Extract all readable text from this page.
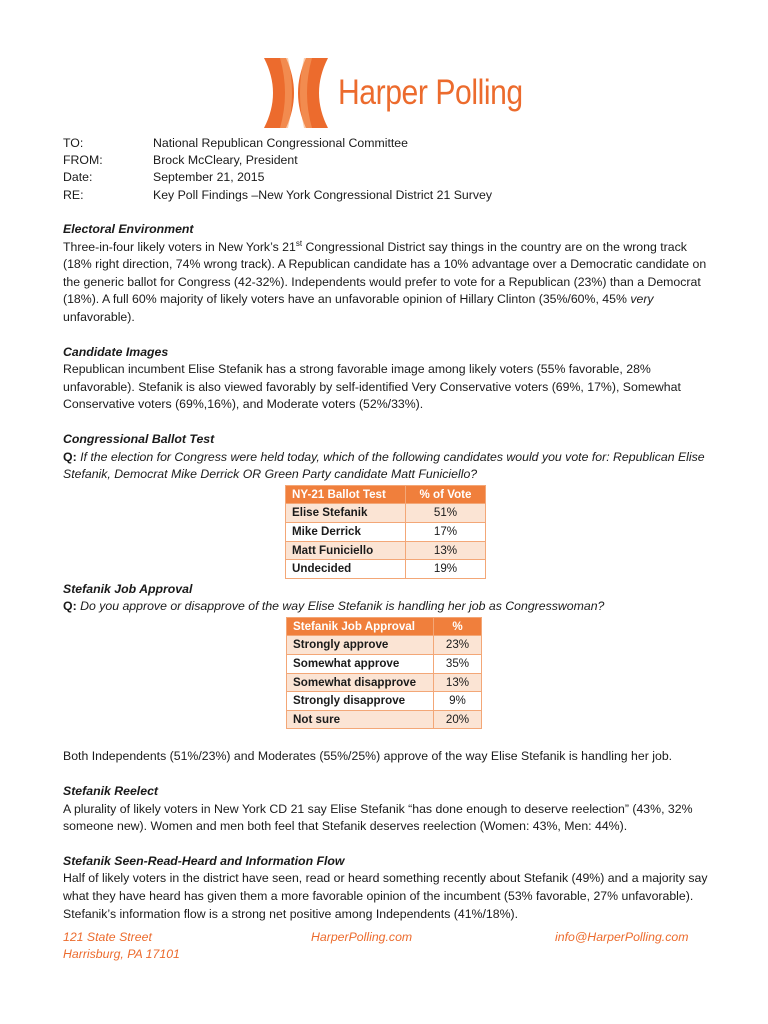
Harper Polling
TO:	National Republican Congressional Committee
FROM:	Brock McCleary, President
Date:	September 21, 2015
RE:	Key Poll Findings –New York Congressional District 21 Survey
Electoral Environment

Three-in-four likely voters in New York’s 21st Congressional District say things in the country are on the wrong track (18% right direction, 74% wrong track). A Republican candidate has a 10% advantage over a Democratic candidate on the generic ballot for Congress (42-32%). Independents would prefer to vote for a Republican (23%) than a Democrat (18%). A full 60% majority of likely voters have an unfavorable opinion of Hillary Clinton (35%/60%, 45% very unfavorable).

Candidate Images

Republican incumbent Elise Stefanik has a strong favorable image among likely voters (55% favorable, 28% unfavorable). Stefanik is also viewed favorably by self-identified Very Conservative voters (69%, 17%), Somewhat Conservative voters (69%,16%), and Moderate voters (52%/33%).

Congressional Ballot Test

Q: If the election for Congress were held today, which of the following candidates would you vote for: Republican Elise Stefanik, Democrat Mike Derrick OR Green Party candidate Matt Funiciello?

NY-21 Ballot Test	% of Vote
Elise Stefanik	51%
Mike Derrick	17%
Matt Funiciello	13%
Undecided	19%
Stefanik Job Approval

Q: Do you approve or disapprove of the way Elise Stefanik is handling her job as Congresswoman?

Stefanik Job Approval	%
Strongly approve	23%
Somewhat approve	35%
Somewhat disapprove	13%
Strongly disapprove	9%
Not sure	20%

Both Independents (51%/23%) and Moderates (55%/25%) approve of the way Elise Stefanik is handling her job.

Stefanik Reelect

A plurality of likely voters in New York CD 21 say Elise Stefanik “has done enough to deserve reelection” (43%, 32% someone new). Women and men both feel that Stefanik deserves reelection (Women: 43%, Men: 44%).

Stefanik Seen-Read-Heard and Information Flow

Half of likely voters in the district have seen, read or heard something recently about Stefanik (49%) and a majority say what they have heard has given them a more favorable opinion of the incumbent (53% favorable, 27% unfavorable). Stefanik’s information flow is a strong net positive among Independents (41%/18%).

121 State Street
Harrisburg, PA 17101
HarperPolling.com	info@HarperPolling.com
